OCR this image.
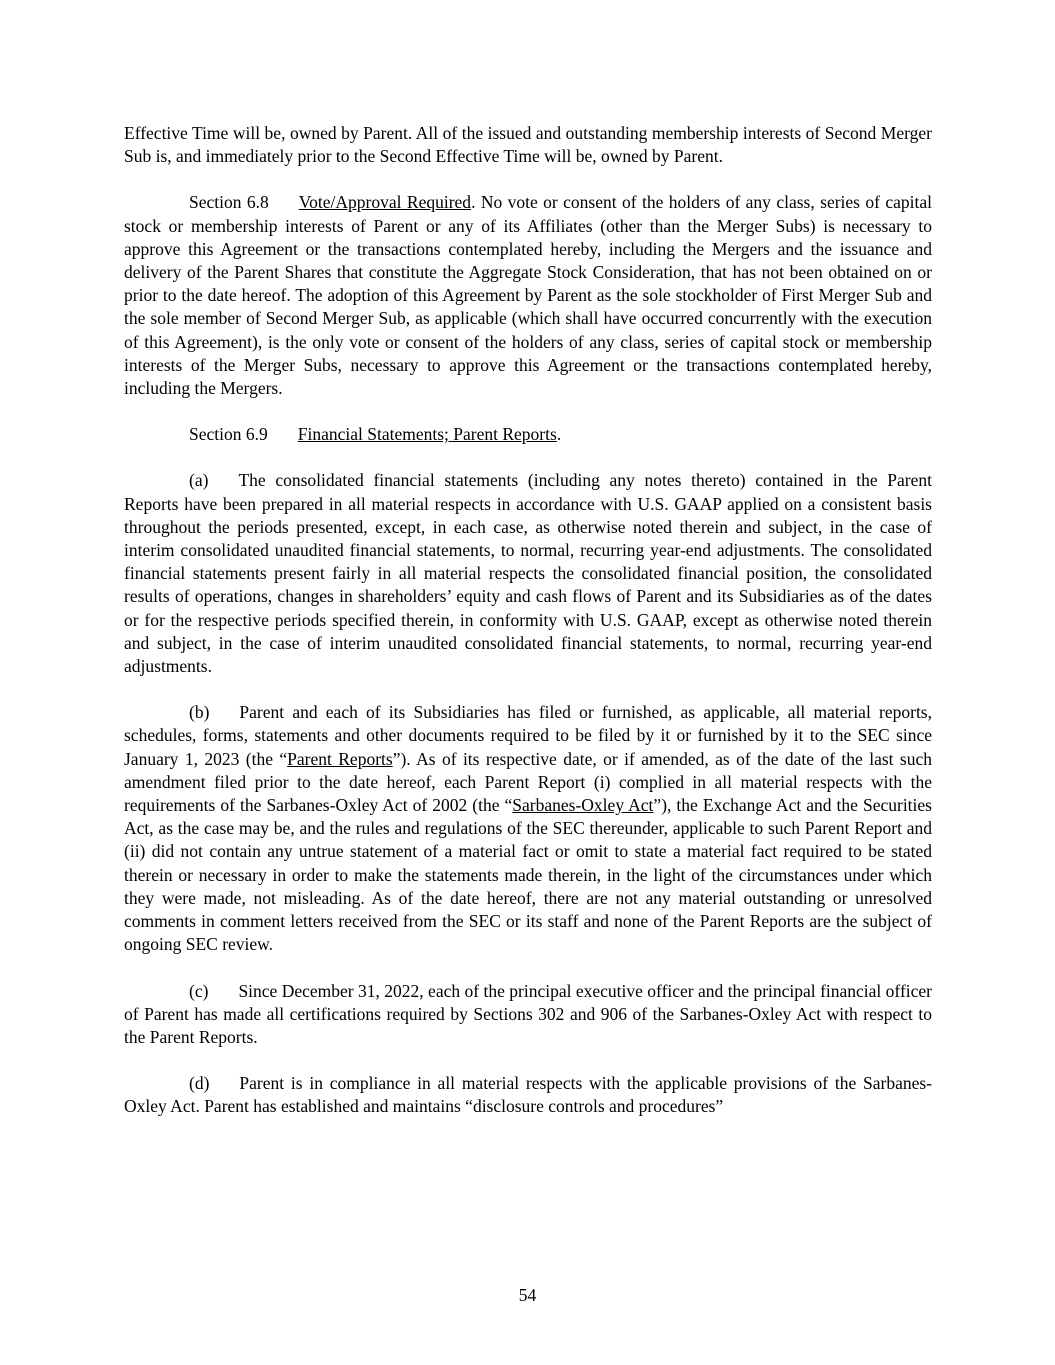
Effective Time will be, owned by Parent. All of the issued and outstanding membership interests of Second Merger Sub is, and immediately prior to the Second Effective Time will be, owned by Parent.

Section 6.8 Vote/Approval Required. No vote or consent of the holders of any class, series of capital stock or membership interests of Parent or any of its Affiliates (other than the Merger Subs) is necessary to approve this Agreement or the transactions contemplated hereby, including the Mergers and the issuance and delivery of the Parent Shares that constitute the Aggregate Stock Consideration, that has not been obtained on or prior to the date hereof. The adoption of this Agreement by Parent as the sole stockholder of First Merger Sub and the sole member of Second Merger Sub, as applicable (which shall have occurred concurrently with the execution of this Agreement), is the only vote or consent of the holders of any class, series of capital stock or membership interests of the Merger Subs, necessary to approve this Agreement or the transactions contemplated hereby, including the Mergers.

Section 6.9 Financial Statements; Parent Reports.

(a) The consolidated financial statements (including any notes thereto) contained in the Parent Reports have been prepared in all material respects in accordance with U.S. GAAP applied on a consistent basis throughout the periods presented, except, in each case, as otherwise noted therein and subject, in the case of interim consolidated unaudited financial statements, to normal, recurring year-end adjustments. The consolidated financial statements present fairly in all material respects the consolidated financial position, the consolidated results of operations, changes in shareholders’ equity and cash flows of Parent and its Subsidiaries as of the dates or for the respective periods specified therein, in conformity with U.S. GAAP, except as otherwise noted therein and subject, in the case of interim unaudited consolidated financial statements, to normal, recurring year-end adjustments.

(b) Parent and each of its Subsidiaries has filed or furnished, as applicable, all material reports, schedules, forms, statements and other documents required to be filed by it or furnished by it to the SEC since January 1, 2023 (the “Parent Reports”). As of its respective date, or if amended, as of the date of the last such amendment filed prior to the date hereof, each Parent Report (i) complied in all material respects with the requirements of the Sarbanes-Oxley Act of 2002 (the “Sarbanes-Oxley Act”), the Exchange Act and the Securities Act, as the case may be, and the rules and regulations of the SEC thereunder, applicable to such Parent Report and (ii) did not contain any untrue statement of a material fact or omit to state a material fact required to be stated therein or necessary in order to make the statements made therein, in the light of the circumstances under which they were made, not misleading. As of the date hereof, there are not any material outstanding or unresolved comments in comment letters received from the SEC or its staff and none of the Parent Reports are the subject of ongoing SEC review.

(c) Since December 31, 2022, each of the principal executive officer and the principal financial officer of Parent has made all certifications required by Sections 302 and 906 of the Sarbanes-Oxley Act with respect to the Parent Reports.

(d) Parent is in compliance in all material respects with the applicable provisions of the Sarbanes-Oxley Act. Parent has established and maintains “disclosure controls and procedures”

54
